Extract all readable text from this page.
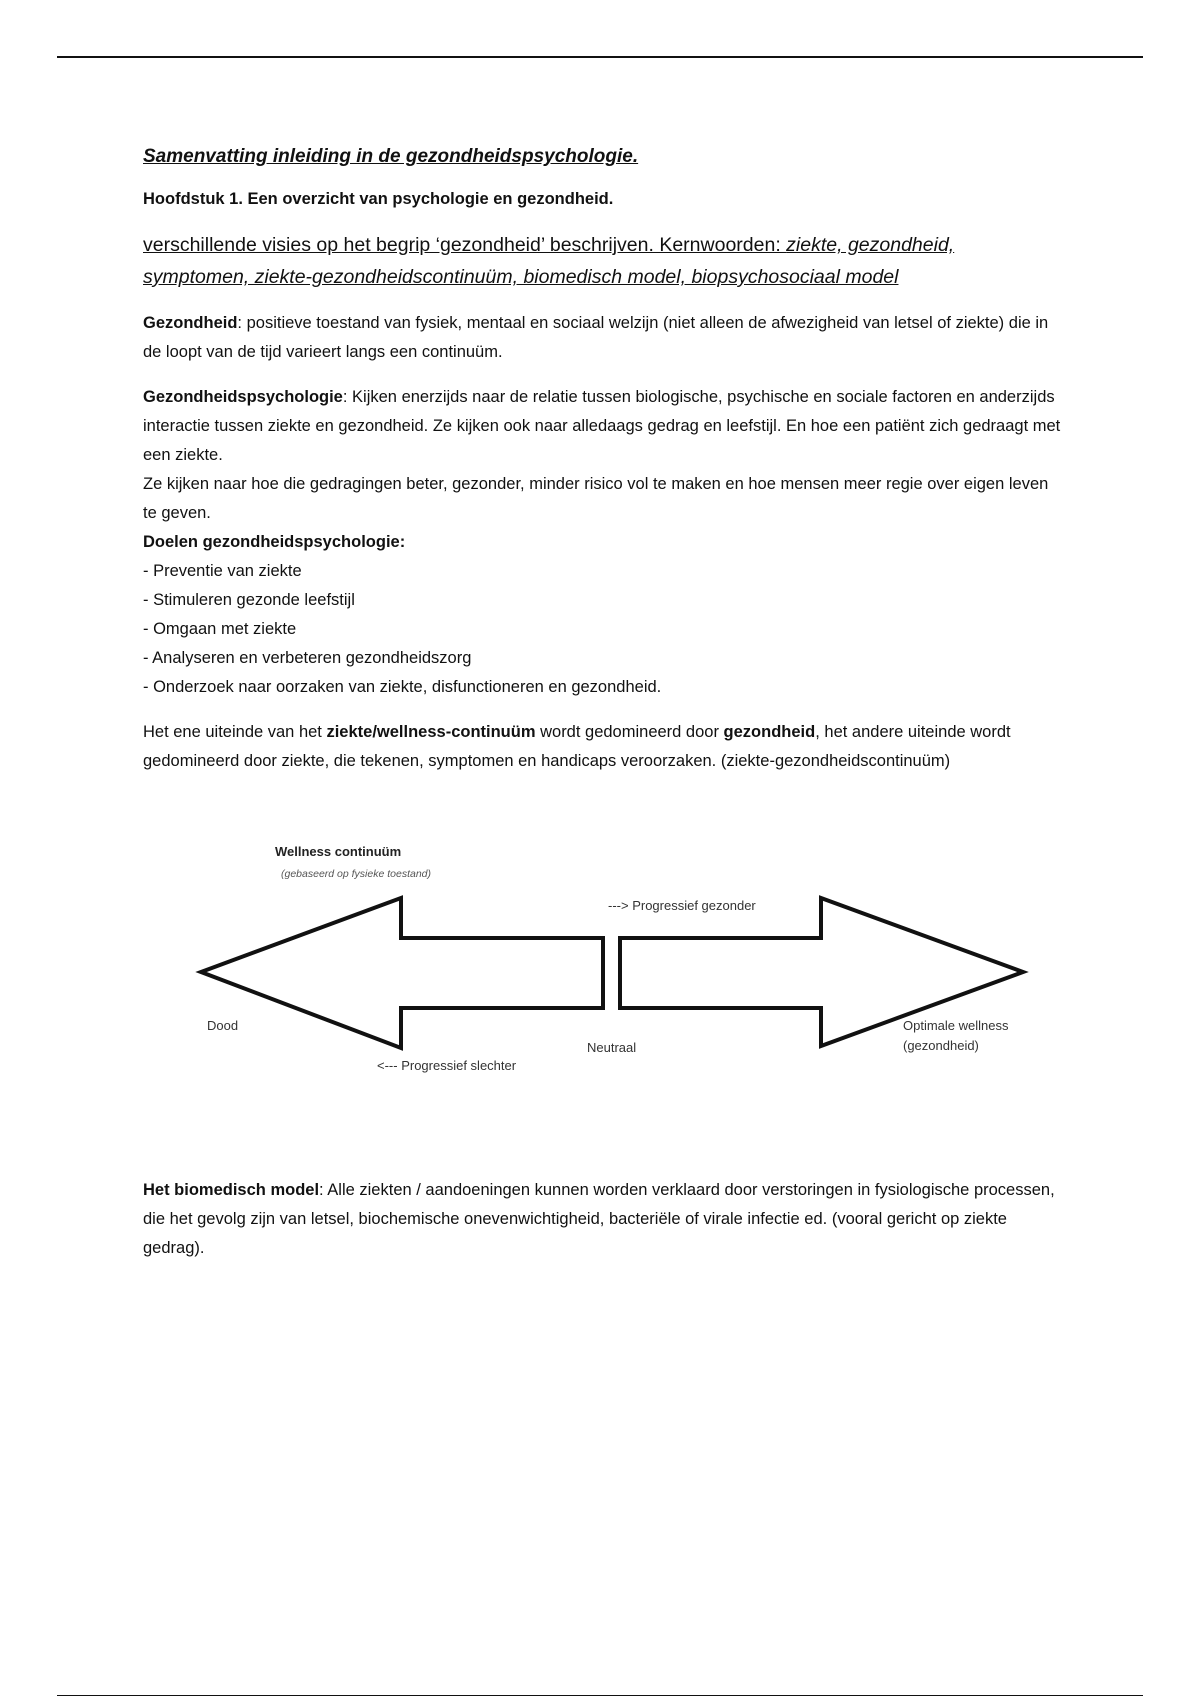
Samenvatting inleiding in de gezondheidspsychologie.
Hoofdstuk 1. Een overzicht van psychologie en gezondheid.

verschillende visies op het begrip ‘gezondheid’ beschrijven. Kernwoorden: ziekte, gezondheid, symptomen, ziekte-gezondheidscontinuüm, biomedisch model, biopsychosociaal model

Gezondheid: positieve toestand van fysiek, mentaal en sociaal welzijn (niet alleen de afwezigheid van letsel of ziekte) die in de loopt van de tijd varieert langs een continuüm.

Gezondheidspsychologie: Kijken enerzijds naar de relatie tussen biologische, psychische en sociale factoren en anderzijds interactie tussen ziekte en gezondheid. Ze kijken ook naar alledaags gedrag en leefstijl. En hoe een patiënt zich gedraagt met een ziekte.

Ze kijken naar hoe die gedragingen beter, gezonder, minder risico vol te maken en hoe mensen meer regie over eigen leven te geven.

Doelen gezondheidspsychologie:
- Preventie van ziekte
- Stimuleren gezonde leefstijl
- Omgaan met ziekte
- Analyseren en verbeteren gezondheidszorg
- Onderzoek naar oorzaken van ziekte, disfunctioneren en gezondheid.

Het ene uiteinde van het ziekte/wellness-continuüm wordt gedomineerd door gezondheid, het andere uiteinde wordt gedomineerd door ziekte, die tekenen, symptomen en handicaps veroorzaken. (ziekte-gezondheidscontinuüm)

Wellness continuüm
(gebaseerd op fysieke toestand)
---> Progressief gezonder
Dood
Neutraal
<--- Progressief slechter
Optimale wellness
(gezondheid)

Het biomedisch model: Alle ziekten / aandoeningen kunnen worden verklaard door verstoringen in fysiologische processen, die het gevolg zijn van letsel, biochemische onevenwichtigheid, bacteriële of virale infectie ed. (vooral gericht op ziekte gedrag).
